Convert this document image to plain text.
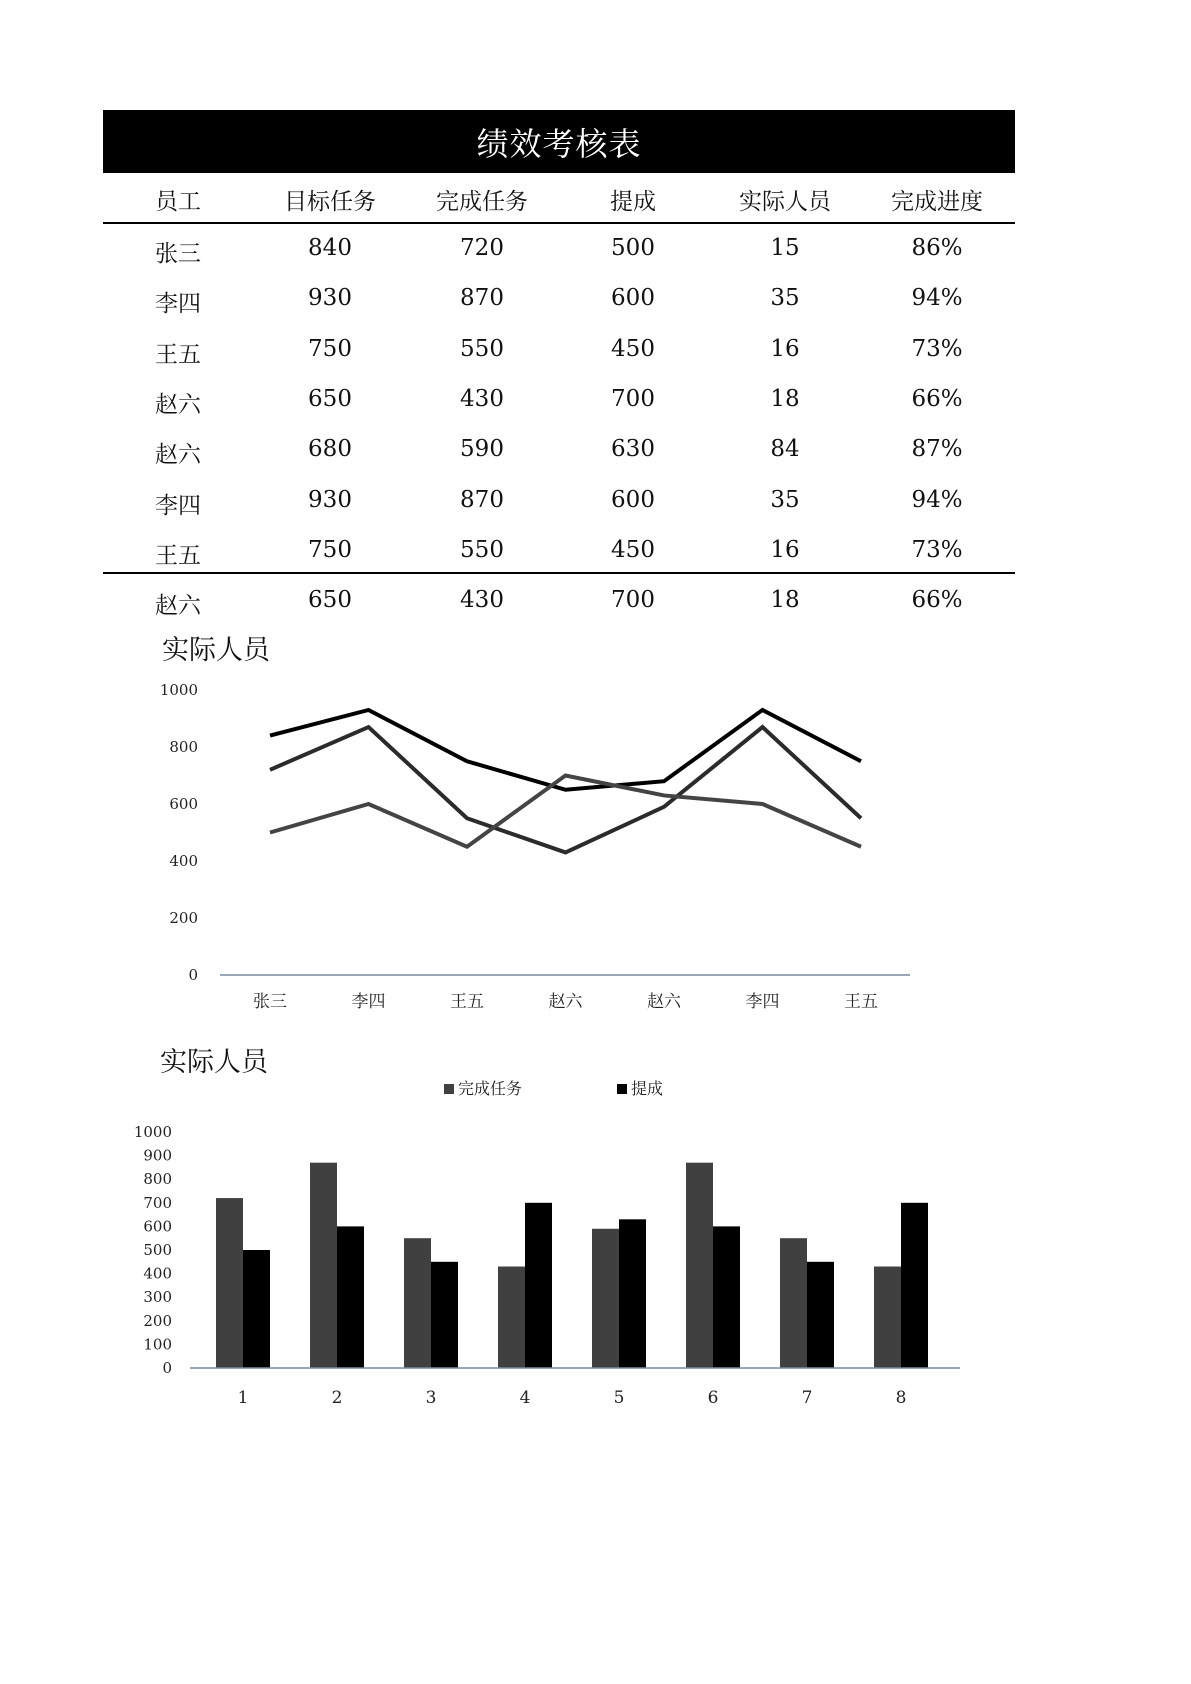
绩效考核表
员工	目标任务	完成任务	提成	实际人员	完成进度
张三	840	720	500	15	86%
李四	930	870	600	35	94%
王五	750	550	450	16	73%
赵六	650	430	700	18	66%
赵六	680	590	630	84	87%
李四	930	870	600	35	94%
王五	750	550	450	16	73%
赵六	650	430	700	18	66%
实际人员
0
200
400
600
800
1000
张三	李四	王五	赵六	赵六	李四	王五
实际人员
完成任务	提成
0
100
200
300
400
500
600
700
800
900
1000
1	2	3	4	5	6	7	8
